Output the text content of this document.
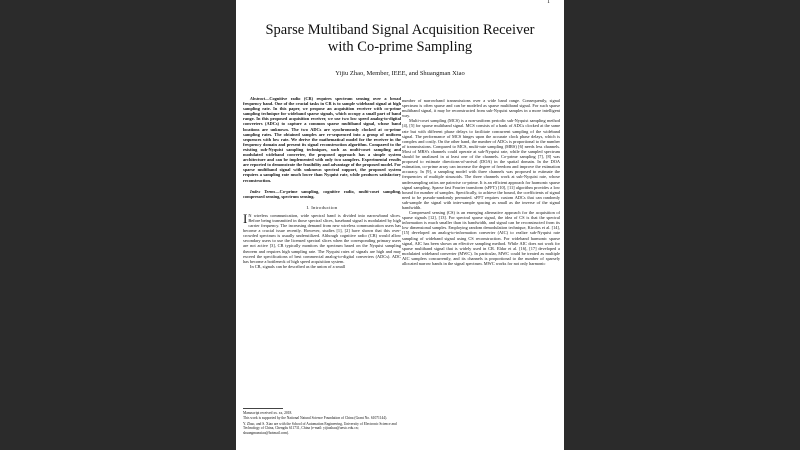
1
Sparse Multiband Signal Acquisition Receiver
with Co-prime Sampling
Yijiu Zhao, Member, IEEE, and Shuangman Xiao

Abstract—Cognitive radio (CR) requires spectrum sensing over a broad frequency band. One of the crucial tasks in CR is to sample wideband signal at high sampling rate. In this paper, we propose an acquisition receiver with co-prime sampling technique for wideband sparse signals, which occupy a small part of band range. In this proposed acquisition receiver, we use two low speed analog-to-digital converters (ADCs) to capture a common sparse multiband signal, whose band locations are unknown. The two ADCs are synchronously clocked at co-prime sampling rates. The obtained samples are re-sequenced into a group of uniform sequences with low rate. We derive the mathematical model for the receiver in the frequency domain and present its signal reconstruction algorithm. Compared to the existing sub-Nyquist sampling techniques, such as multi-coset sampling and modulated wideband converter, the proposed approach has a simple system architecture and can be implemented with only two samplers. Experimental results are reported to demonstrate the feasibility and advantage of the proposed model. For sparse multiband signal with unknown spectral support, the proposed system requires a sampling rate much lower than Nyquist rate, while produces satisfactory reconstruction.

Index Terms—Co-prime sampling, cognitive radio, multi-coset sampling, compressed sensing, spectrum sensing.

I. Introduction

I N wireless communication, wide spectral band is divided into narrowband slices. Before being transmitted in those spectral slices, baseband signal is modulated by high carrier frequency. The increasing demand from new wireless communication users has become a crucial issue recently. However, studies [1], [2] have shown that this over-crowded spectrum is usually underutilized. Although cognitive radio (CR) would allow secondary users to use the licensed spectral slices when the corresponding primary users are not active [3], CR typically monitors the spectrum based on the Nyquist sampling theorem and requires high sampling rate. The Nyquist rates of signals are high and may exceed the specifications of best commercial analog-to-digital converters (ADCs). ADC has become a bottleneck of high speed acquisition system.

In CR, signals can be described as the union of a small

Manuscript received xx. xx, 2018.
This work is supported by the National Natural Science Foundation of China (Grant No. 61071144).
Y. Zhao, and S. Xiao are with the School of Automation Engineering, University of Electronic Science and Technology of China, Chengdu 611731, China (e-mail: yijiuzhao@uestc.edu.cn; shuangmanxiao@hotmail.com).

number of narrowband transmissions over a wide band range. Consequently, signal spectrum is often sparse and can be modeled as sparse multiband signal. For such sparse multiband signal, it may be reconstructed from sub-Nyquist samples in a more intelligent way.

Multi-coset sampling (MCS) is a non-uniform periodic sub-Nyquist sampling method [4], [5] for sparse multiband signal. MCS consists of a bank of ADCs clocked at the same rate but with different phase delays to facilitate concurrent sampling of the wideband signal. The performance of MCS hinges upon the accurate clock phase delays, which is complex and costly. On the other hand, the number of ADCs is proportional to the number of transmissions. Compared to MCS, multi-rate sampling (MRS) [6] needs less channels. Most of MRS's channels could operate at sub-Nyquist rate, while the sampled spectrum should be unaliased in at least one of the channels. Co-prime sampling [7], [8] was proposed to estimate directions-of-arrival (DOA) in the spatial domain. In the DOA estimation, co-prime array can increase the degree of freedom and improve the estimation accuracy. In [9], a sampling model with three channels was proposed to estimate the frequencies of multiple sinusoids. The three channels work at sub-Nyquist rate, whose undersampling ratios are pairwise co-prime. It is an efficient approach for harmonic sparse signal sampling. Sparse fast Fourier transform (sFFT) [10], [11] algorithm provides a low bound for number of samples. Specifically, to achieve the bound, the coefficients of signal need to be pseudo-randomly permuted. sFFT requires custom ADCs that can randomly sub-sample the signal with inter-sample spacing as small as the inverse of the signal bandwidth.

Compressed sensing (CS) is an emerging alternative approach for the acquisition of sparse signals [12], [13]. For spectral sparse signal, the idea of CS is that the spectral information is much smaller than its bandwidth, and signal can be reconstructed from its low dimensional samples. Employing random demodulation technique, Kirolos et al. [14], [15] developed an analog-to-information converter (AIC) to realize sub-Nyquist rate sampling of wideband signal using CS reconstruction. For wideband harmonic sparse signal, AIC has been shown an effective sampling method. While AIC does not work for sparse multiband signal that is widely used in CR. Eldar et al. [16], [17] developed a modulated wideband converter (MWC). In particular, MWC could be treated as multiple AIC samplers concurrently, and its channels is proportional to the number of sparsely allocated narrow bands in the signal spectrum. MWC works for not only harmonic
